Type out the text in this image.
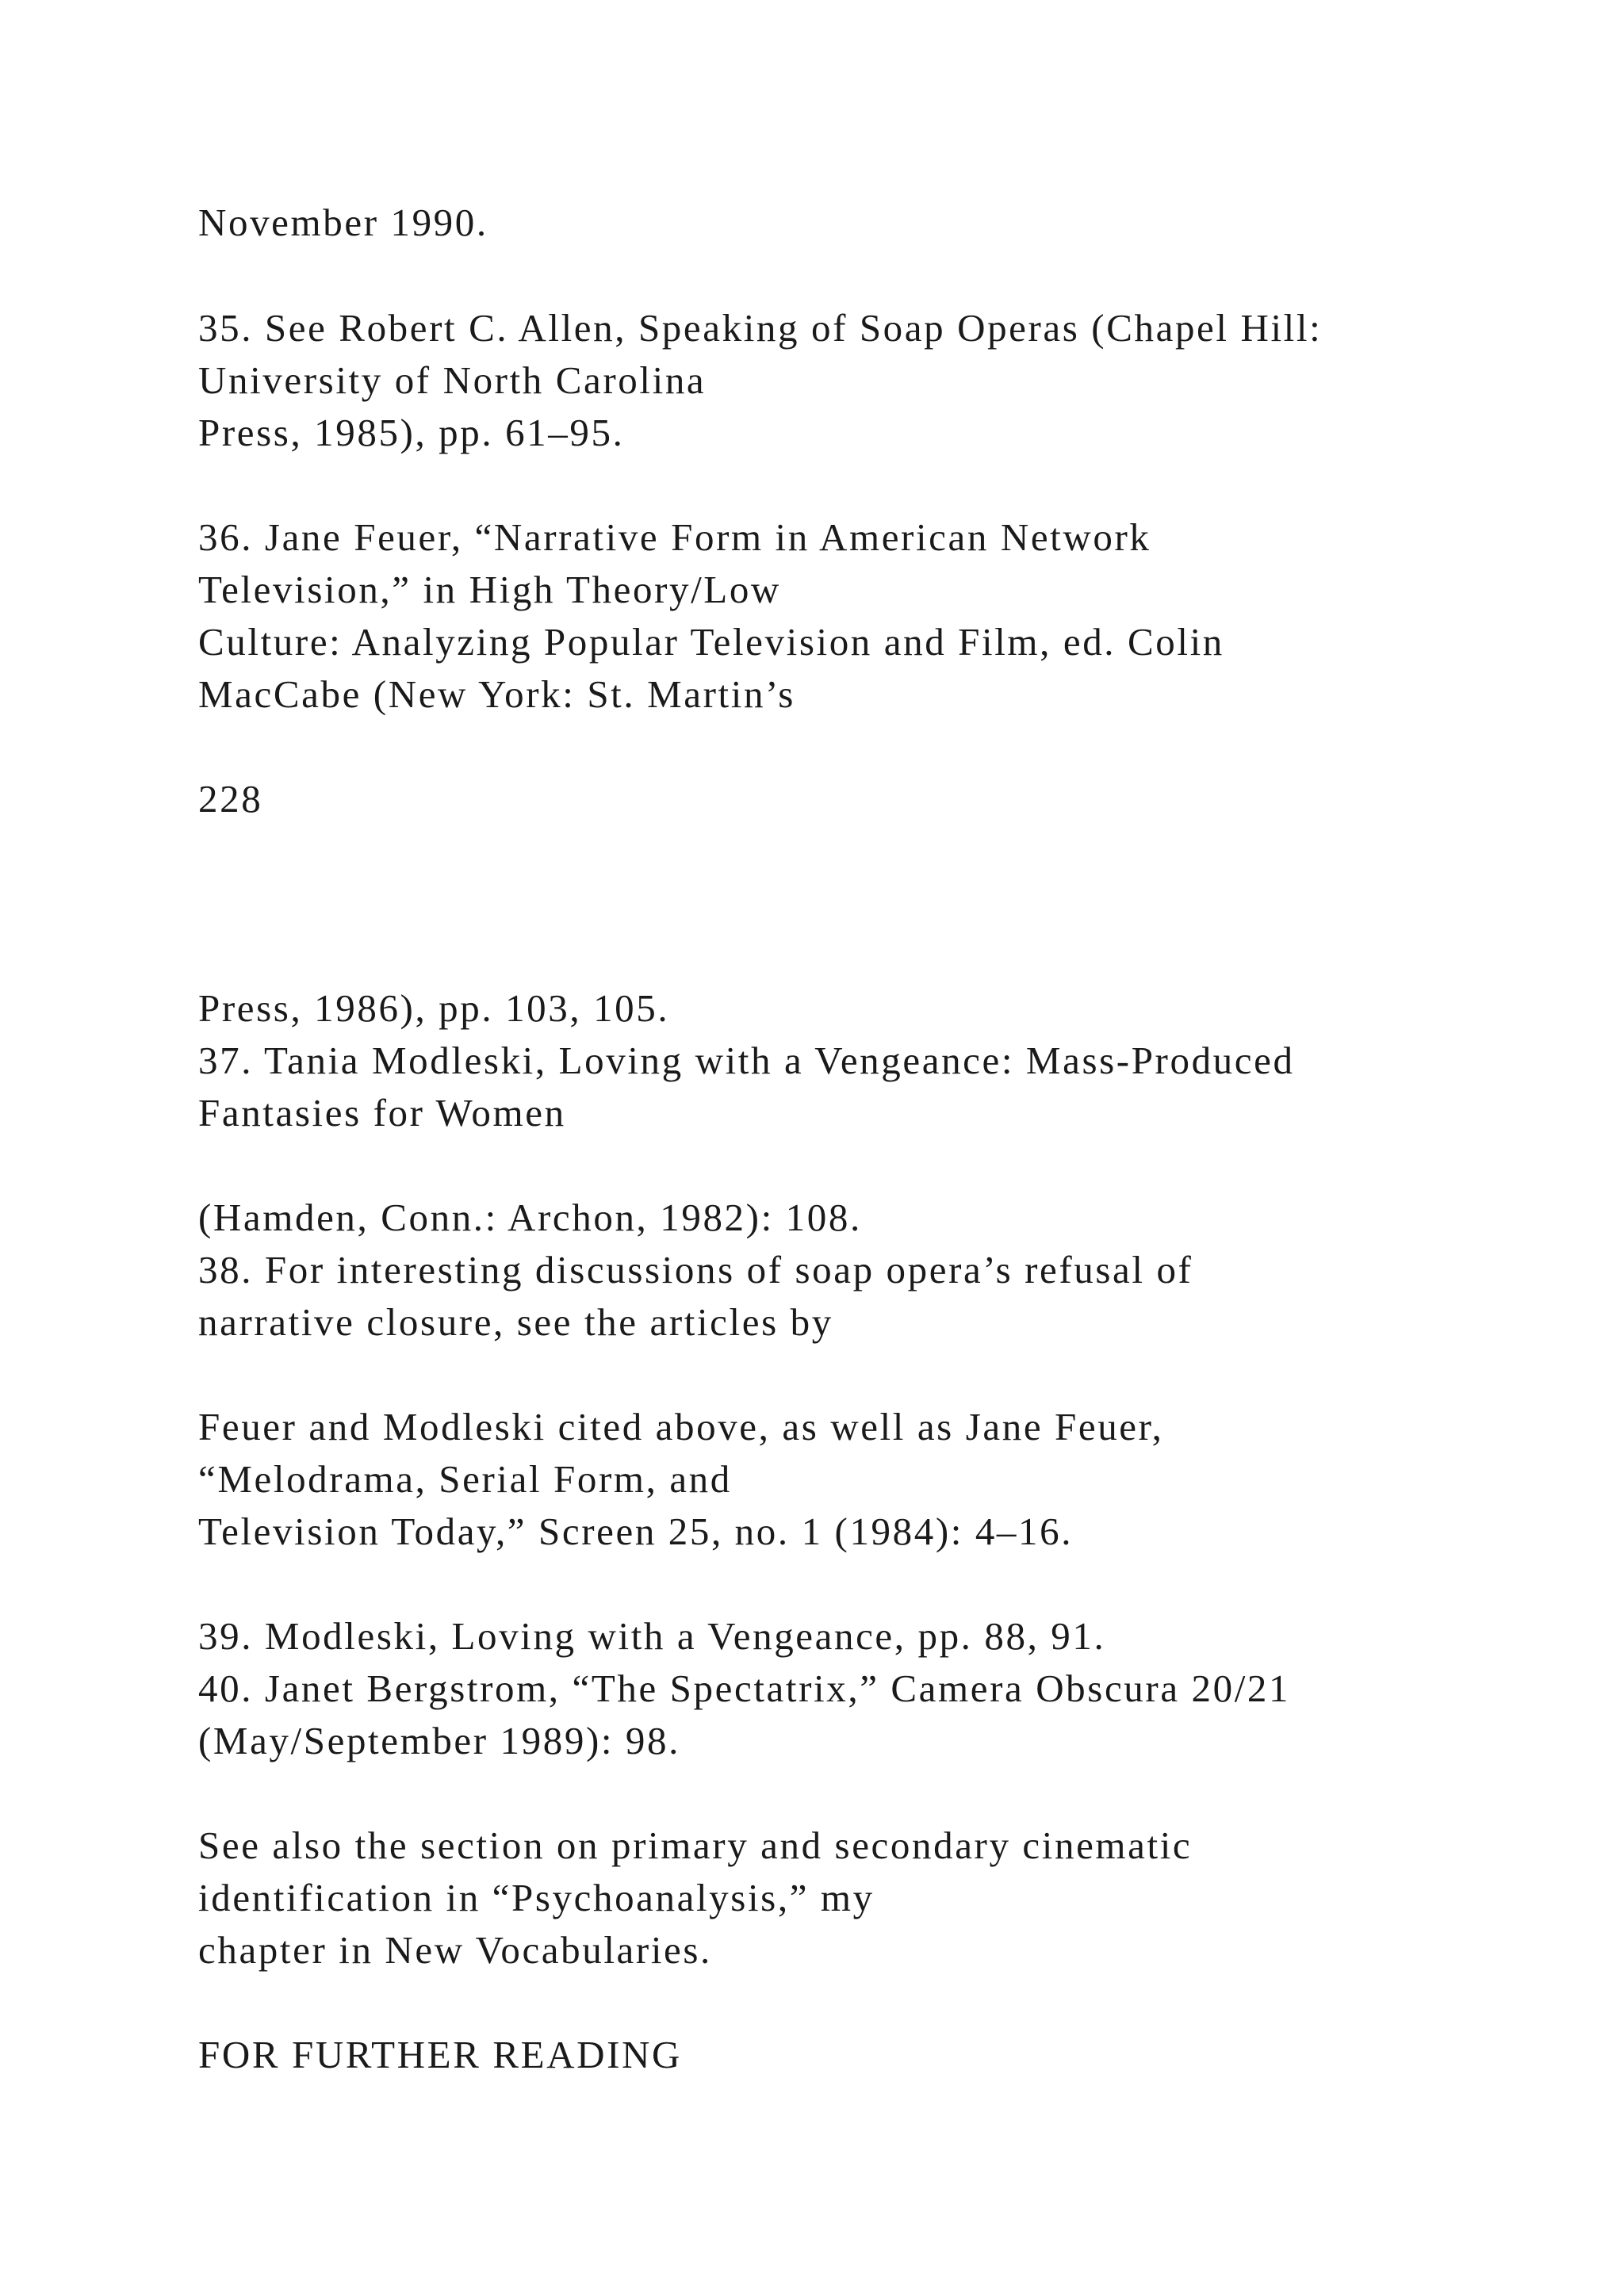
November 1990.

35. See Robert C. Allen, Speaking of Soap Operas (Chapel Hill:

University of North Carolina

Press, 1985), pp. 61–95.

36. Jane Feuer, “Narrative Form in American Network

Television,” in High Theory/Low

Culture: Analyzing Popular Television and Film, ed. Colin

MacCabe (New York: St. Martin’s

228

Press, 1986), pp. 103, 105.

37. Tania Modleski, Loving with a Vengeance: Mass-Produced

Fantasies for Women

(Hamden, Conn.: Archon, 1982): 108.

38. For interesting discussions of soap opera’s refusal of

narrative closure, see the articles by

Feuer and Modleski cited above, as well as Jane Feuer,

“Melodrama, Serial Form, and

Television Today,” Screen 25, no. 1 (1984): 4–16.

39. Modleski, Loving with a Vengeance, pp. 88, 91.

40. Janet Bergstrom, “The Spectatrix,” Camera Obscura 20/21

(May/September 1989): 98.

See also the section on primary and secondary cinematic

identification in “Psychoanalysis,” my

chapter in New Vocabularies.

FOR FURTHER READING
